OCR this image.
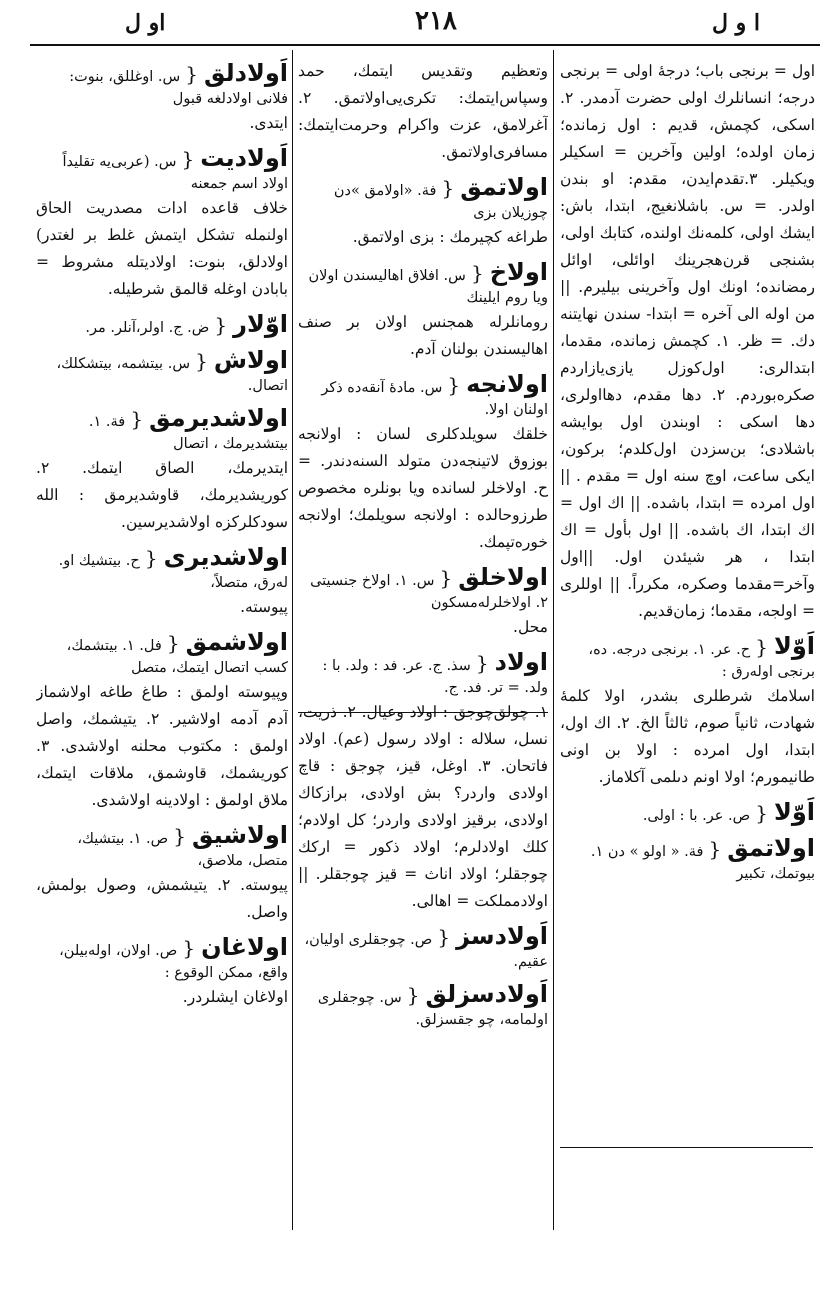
او ل	۲۱۸	ا و ل
اول = برنجى باب؛ درجهٔ اولى = برنجى درجه؛ انسانلرك اولى حضرت آدمدر. ۲. اسكى، كچمش، قديم : اول زمانده؛ زمان اولده؛ اولين وآخرين = اسكيلر ويكيلر. ۳.تقدم‌ايدن، مقدم: او بندن اولدر. = س. باشلانغيج، ابتدا، باش: ايشك اولى، كلمه‌نك اولنده، كتابك اولى، بشنجى قرن‌هجرينك اوائلى، اوائل رمضانده؛ اونك اول وآخرينى بيليرم. || من اوله الى آخره = ابتدا- سندن نهايتنه دك. = ظر. ۱. كچمش زمانده، مقدما، ابتدالرى: اول‌كوزل يازى‌يازاردم صكره‌بوردم. ۲. دها مقدم، دهااولرى، دها اسكى : اوبندن اول بوايشه باشلادى؛ بن‌سزدن اول‌كلدم؛ بركون، ايكى ساعت، اوچ سنه اول = مقدم . || اول امرده = ابتدا، باشده. || اك اول = اك ابتدا، اك باشده. || اول بأول = اك ابتدا ، هر شيئدن اول. ||اول وآخر=مقدما وصكره، مكرراً. || اوللرى = اولجه، مقدما؛ زمان‌قديم.
اَوّلا{ ح. عر. ۱. برنجى درجه. ده، برنجى اولەرق :
اسلامك شرطلرى بشدر، اولا كلمهٔ شهادت، ثانياً صوم، ثالثاً الخ. ۲. اك اول، ابتدا، اول امرده : اولا بن اونى طانيمورم؛ اولا اونم دىلمى آكلاماز.
اَوّلا{ ص. عر. با : اولى.
اولاتمق{ فة. « اولو » دن ۱. بيوتمك، تكبير
وتعظيم وتقديس ايتمك، حمد وسپاس‌ايتمك: تكرى‌يى‌اولاتمق. ۲. آغرلامق، عزت واكرام وحرمت‌ايتمك: مسافرى‌اولاتمق.
اولاتمق{ فة. «اولامق »دن چوزيلان بزى
طراغه كچيرمك : بزى اولاتمق.
اولاخ{ س. افلاق اهاليسندن اولان ويا روم ايلينك
رومانلرله همجنس اولان بر صنف اهاليسندن بولنان آدم.
اولانجه{ س. مادهٔ آنقه‌ده ذكر اولنان اولا.
خلقك سويلدكلرى لسان : اولانجه بوزوق لاتينجه‌دن متولد السنه‌دندر. = ح. اولاخلر لسانده ويا بونلره مخصوص طرزوحالده : اولانجه سويلمك؛ اولانجه خوره‌تپمك.
اولاخلق{ س. ۱. اولاخ جنسيتى ۲. اولاخلرله‌مسكون
محل.
اولاد{ سذ. ج. عر. فد : ولد. با : ولد. = تر. فد. ج.
۱. چولق‌چوجق : اولاد وعيال. ۲. ذريت، نسل، سلاله : اولاد رسول (عم). اولاد فاتحان. ۳. اوغل، قيز، چوجق : قاچ اولادى واردر؟ بش اولادى، برازكاك اولادى، برقيز اولادى واردر؛ كل اولادم؛ كلك اولادلرم؛ اولاد ذكور = اركك چوجقلر؛ اولاد اناث = قيز چوجقلر. || اولادمملكت = اهالى.
اَولادسز{ ص. چوجقلرى اوليان، عقيم.
اَولادسزلق{ س. چوجقلرى اولمامه، چو جقسزلق.
اَولادلق{ س. اوغللق، بنوت: فلانى اولادلغه قبول
ايتدى.
اَولاديت{ س. (عربى‌يه تقليداً اولاد اسم جمعنه
خلاف قاعده ادات مصدريت الحاق اولنمله تشكل ايتمش غلط بر لغتدر) اولادلق، بنوت: اولاديتله مشروط = بابادن اوغله قالمق شرطيله.
اوّلار{ ض. ج. اولر،آنلر. مر.
اولاش{ س. بيتشمه، بيتشكلك، اتصال.
اولاشديرمق{ فة. ۱. بيتشديرمك ، اتصال
ايتديرمك، الصاق ايتمك. ۲. كوريشديرمك، قاوشديرمق : الله سودكلركزه اولاشديرسين.
اولاشديرى{ ح. بيتشيك او. لەرق، متصلاً،
پيوسته.
اولاشمق{ فل. ۱. بيتشمك، كسب اتصال ايتمك، متصل
وپيوسته اولمق : طاغ طاغه اولاشماز آدم آدمه اولاشير. ۲. يتيشمك، واصل اولمق : مكتوب محلنه اولاشدى. ۳. كوريشمك، قاوشمق، ملاقات ايتمك، ملاق اولمق : اولادينه اولاشدى.
اولاشيق{ ص. ۱. بيتشيك، متصل، ملاصق،
پيوسته. ۲. يتيشمش، وصول بولمش، واصل.
اولاغان{ ص. اولان، اوله‌بيلن، واقع، ممكن الوقوع :
اولاغان ايشلردر.
